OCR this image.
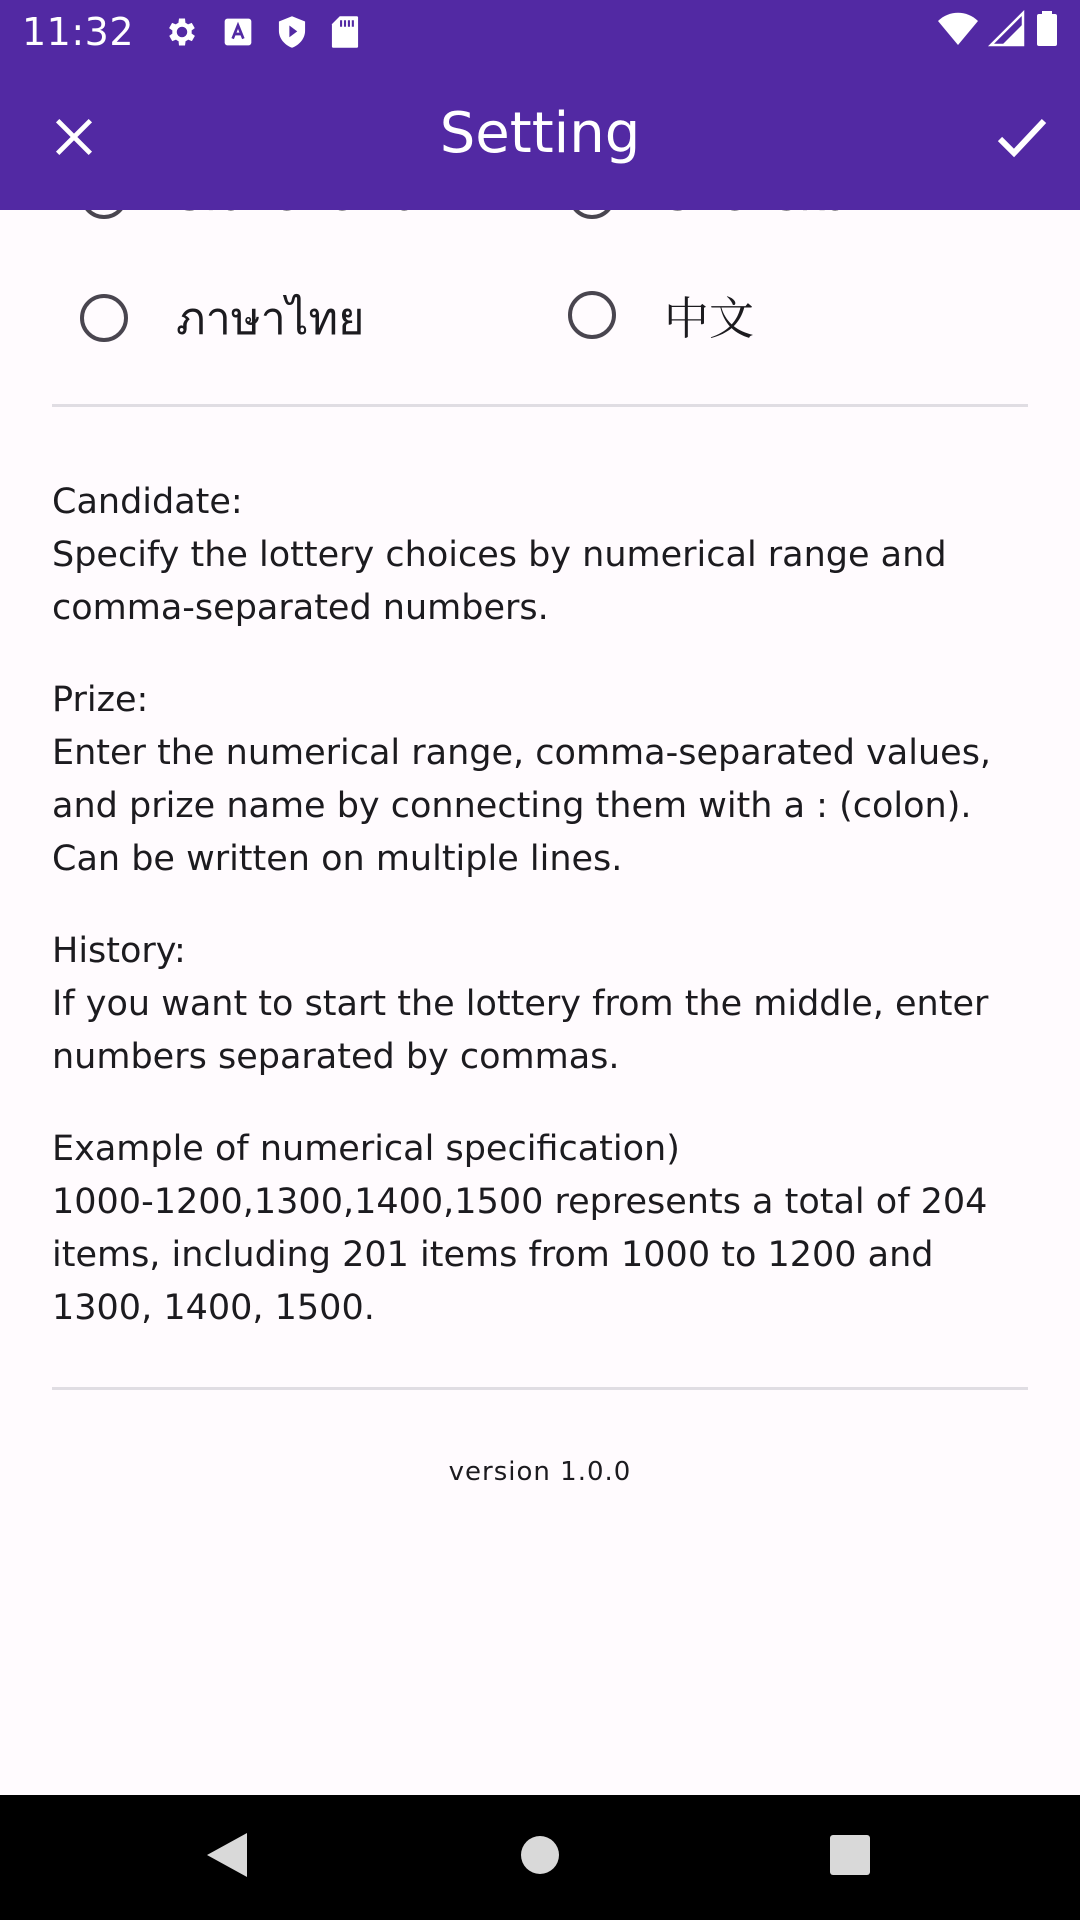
11:32
Setting
ภาษาไทย	中文

Candidate:
Specify the lottery choices by numerical range and comma-separated numbers.

Prize:
Enter the numerical range, comma-separated values, and prize name by connecting them with a : (colon). Can be written on multiple lines.

History:
If you want to start the lottery from the middle, enter numbers separated by commas.

Example of numerical specification)
1000-1200,1300,1400,1500 represents a total of 204 items, including 201 items from 1000 to 1200 and 1300, 1400, 1500.

version 1.0.0
